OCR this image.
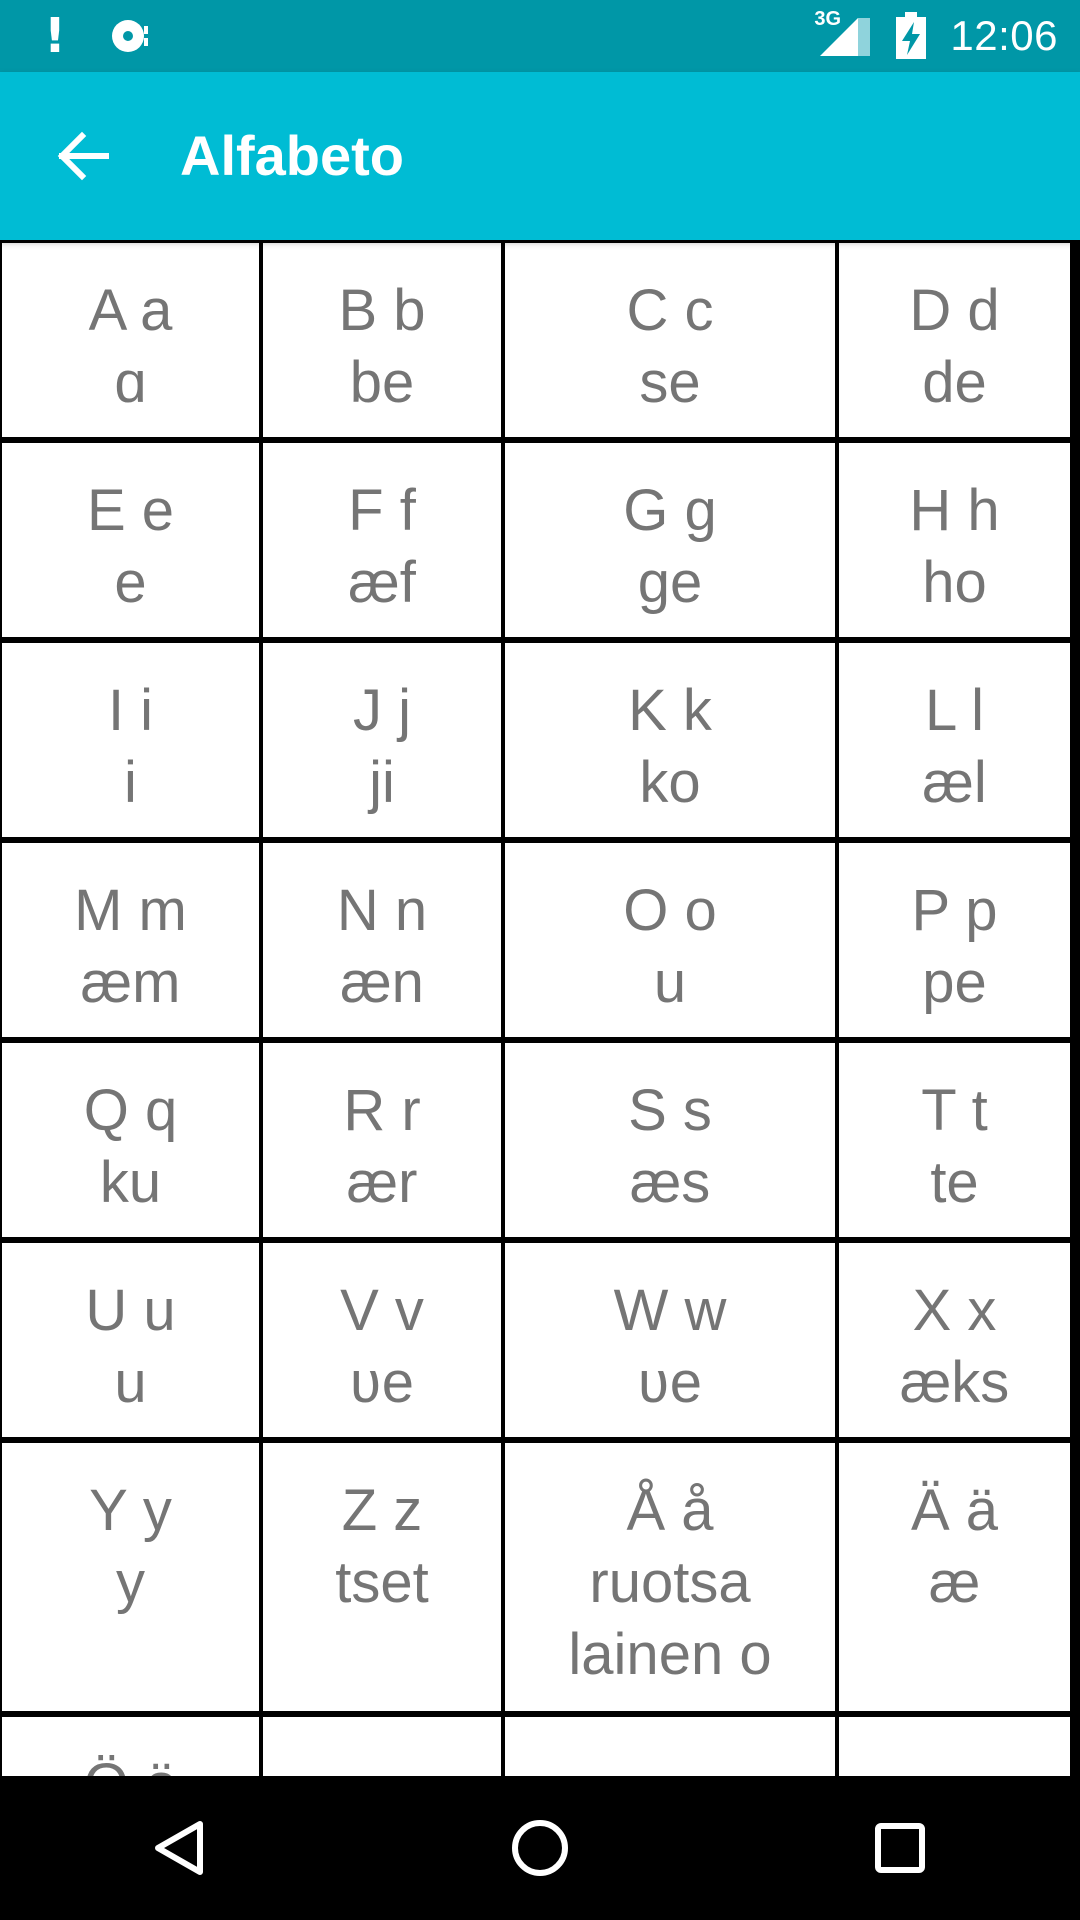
!	3G	12:06
Alfabeto
A a
ɑ
B b
be
C c
se
D d
de
E e
e
F f
æf
G g
ge
H h
ho
I i
i
J j
ji
K k
ko
L l
æl
M m
æm
N n
æn
O o
u
P p
pe
Q q
ku
R r
ær
S s
æs
T t
te
U u
u
V v
ʋe
W w
ʋe
X x
æks
Y y
y
Z z
tset
Å å
ruotsa
lainen o
Ä ä
æ
